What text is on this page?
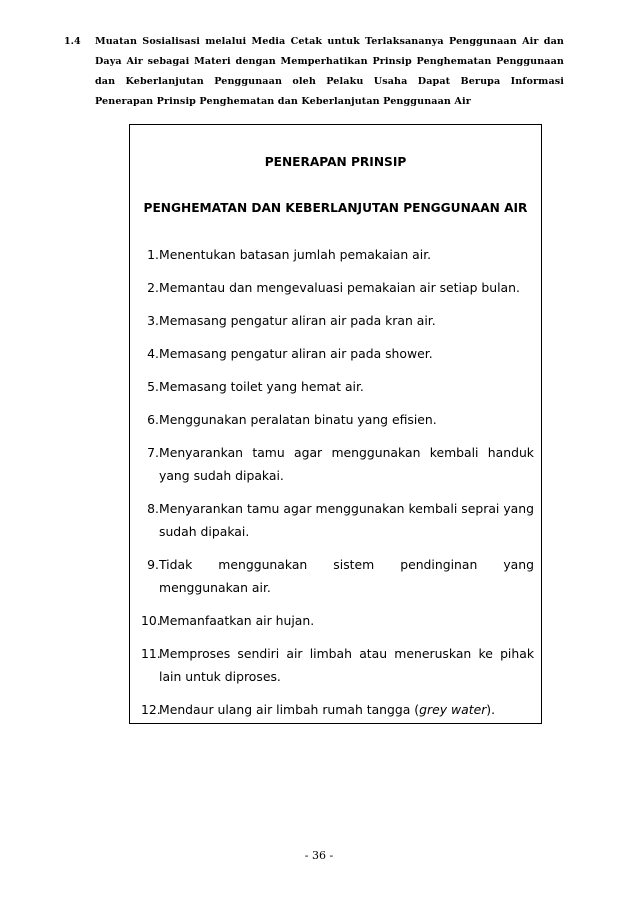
1.4 Muatan Sosialisasi melalui Media Cetak untuk Terlaksananya Penggunaan Air dan Daya Air sebagai Materi dengan Memperhatikan Prinsip Penghematan Penggunaan dan Keberlanjutan Penggunaan oleh Pelaku Usaha Dapat Berupa Informasi Penerapan Prinsip Penghematan dan Keberlanjutan Penggunaan Air
PENERAPAN PRINSIP
PENGHEMATAN DAN KEBERLANJUTAN PENGGUNAAN AIR
1. Menentukan batasan jumlah pemakaian air.
2. Memantau dan mengevaluasi pemakaian air setiap bulan.
3. Memasang pengatur aliran air pada kran air.
4. Memasang pengatur aliran air pada shower.
5. Memasang toilet yang hemat air.
6. Menggunakan peralatan binatu yang efisien.
7. Menyarankan tamu agar menggunakan kembali handuk yang sudah dipakai.
8. Menyarankan tamu agar menggunakan kembali seprai yang sudah dipakai.
9. Tidak menggunakan sistem pendinginan yang menggunakan air.
10.
Memanfaatkan air hujan.
11.
Memproses sendiri air limbah atau meneruskan ke pihak lain untuk diproses.
12.
Mendaur ulang air limbah rumah tangga (grey water).
- 36 -
